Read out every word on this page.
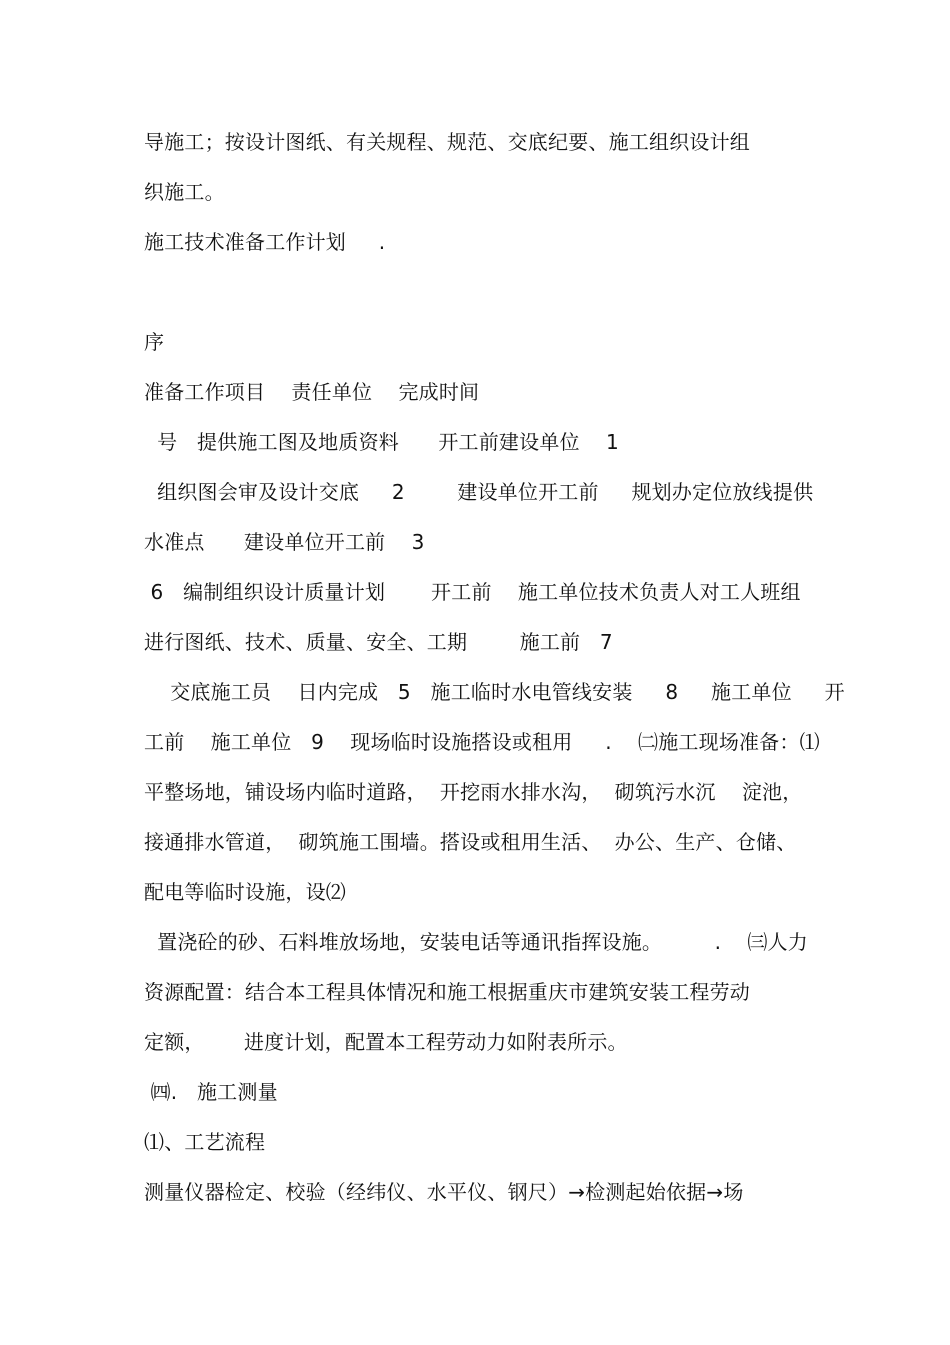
导施工；按设计图纸、有关规程、规范、交底纪要、施工组织设计组
织施工。
施工技术准备工作计划     .
序
准备工作项目    责任单位    完成时间
号   提供施工图及地质资料      开工前建设单位    1
组织图会审及设计交底     2        建设单位开工前     规划办定位放线提供
水准点      建设单位开工前    3
6   编制组织设计质量计划       开工前    施工单位技术负责人对工人班组
进行图纸、技术、质量、安全、工期        施工前   7
交底施工员    日内完成   5   施工临时水电管线安装     8     施工单位     开
工前    施工单位   9    现场临时设施搭设或租用     .    ㈡施工现场准备：⑴
平整场地，铺设场内临时道路，  开挖雨水排水沟，  砌筑污水沉    淀池，
接通排水管道，  砌筑施工围墙。搭设或租用生活、  办公、生产、仓储、
配电等临时设施，设⑵
置浇砼的砂、石料堆放场地，安装电话等通讯指挥设施。        .    ㈢人力
资源配置：结合本工程具体情况和施工根据重庆市建筑安装工程劳动
定额，      进度计划，配置本工程劳动力如附表所示。
㈣.   施工测量
⑴、工艺流程
测量仪器检定、校验（经纬仪、水平仪、钢尺）→检测起始依据→场
